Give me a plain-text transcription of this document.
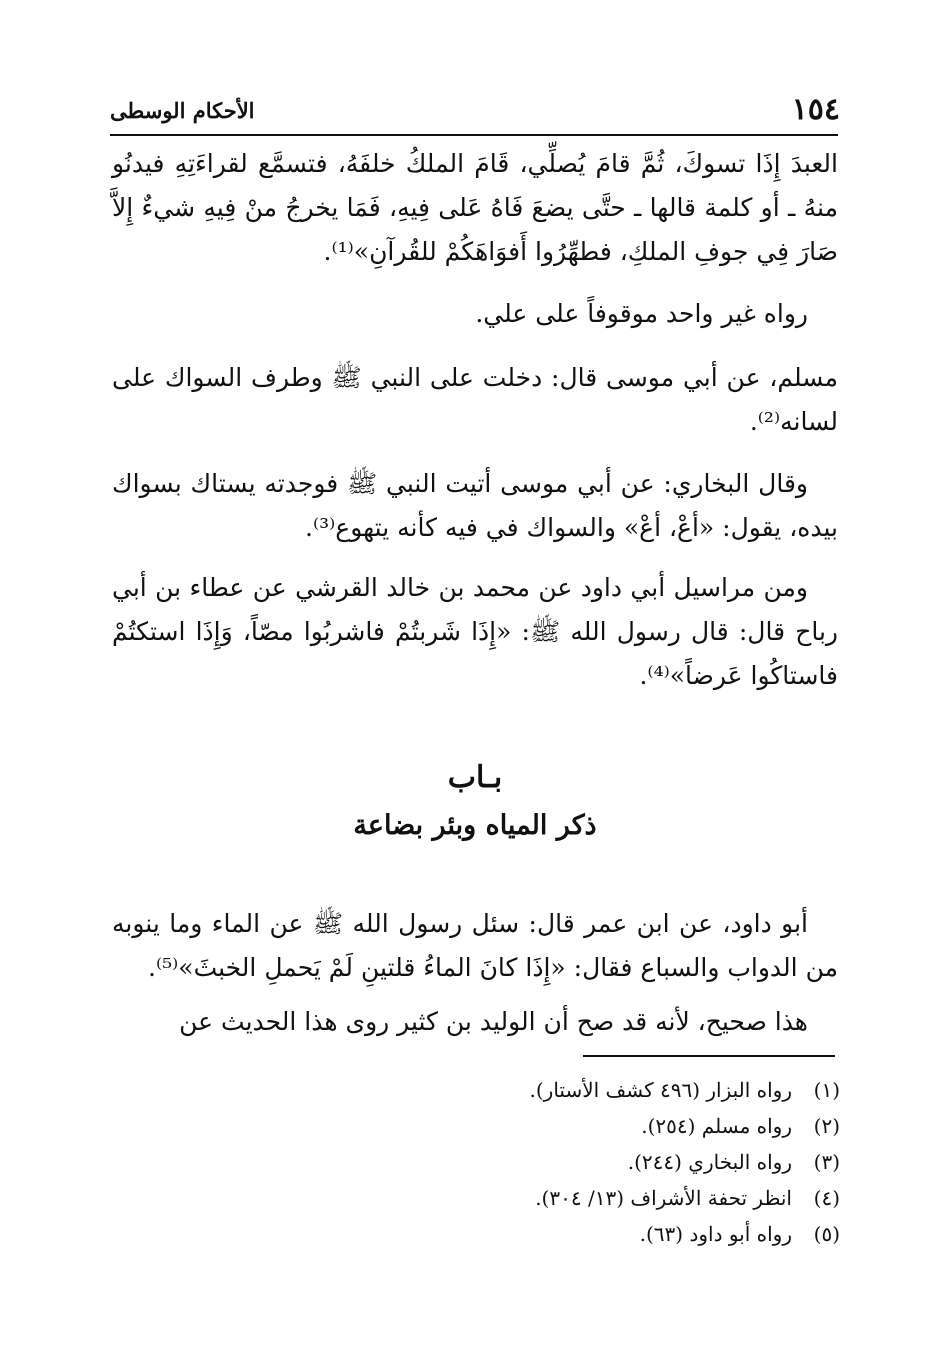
١٥٤
الأحكام الوسطى

العبدَ إِذَا تسوكَ، ثُمَّ قامَ يُصلِّي، قَامَ الملكُ خلفَهُ، فتسمَّع لقراءَتِهِ فيدنُو منهُ ـ أو كلمة قالها ـ حتَّى يضعَ فَاهُ عَلى فِيهِ، فَمَا يخرجُ منْ فِيهِ شيءٌ إِلاَّ صَارَ فِي جوفِ الملكِ، فطهِّرُوا أَفوَاهَكُمْ للقُرآنِ»⁽¹⁾.

رواه غير واحد موقوفاً على علي.

مسلم، عن أبي موسى قال: دخلت على النبي ﷺ وطرف السواك على لسانه⁽²⁾.

وقال البخاري: عن أبي موسى أتيت النبي ﷺ فوجدته يستاك بسواك بيده، يقول: «أعْ، أعْ» والسواك في فيه كأنه يتهوع⁽³⁾.

ومن مراسيل أبي داود عن محمد بن خالد القرشي عن عطاء بن أبي رباح قال: قال رسول الله ﷺ: «إِذَا شَربتُمْ فاشربُوا مصّاً، وَإِذَا استكتُمْ فاستاكُوا عَرضاً»⁽⁴⁾.

بـاب
ذكر المياه وبئر بضاعة

أبو داود، عن ابن عمر قال: سئل رسول الله ﷺ عن الماء وما ينوبه من الدواب والسباع فقال: «إِذَا كانَ الماءُ قلتينِ لَمْ يَحملِ الخبثَ»⁽⁵⁾.

هذا صحيح، لأنه قد صح أن الوليد بن كثير روى هذا الحديث عن

(١)رواه البزار (٤٩٦ كشف الأستار).
(٢)رواه مسلم (٢٥٤).
(٣)رواه البخاري (٢٤٤).
(٤)انظر تحفة الأشراف (١٣/ ٣٠٤).
(٥)رواه أبو داود (٦٣).
